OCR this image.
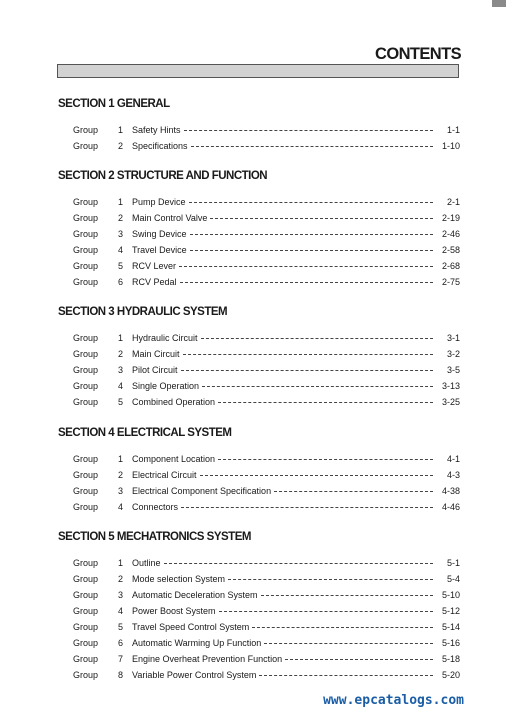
CONTENTS
SECTION 1 GENERAL
Group	1 Safety Hints	1-1
Group	2 Specifications	1-10
SECTION 2 STRUCTURE AND FUNCTION
Group	1 Pump Device	2-1
Group	2 Main Control Valve	2-19
Group	3 Swing Device	2-46
Group	4 Travel Device	2-58
Group	5 RCV Lever	2-68
Group	6 RCV Pedal	2-75
SECTION 3 HYDRAULIC SYSTEM
Group	1 Hydraulic Circuit	3-1
Group	2 Main Circuit	3-2
Group	3 Pilot Circuit	3-5
Group	4 Single Operation	3-13
Group	5 Combined Operation	3-25
SECTION 4 ELECTRICAL SYSTEM
Group	1 Component Location	4-1
Group	2 Electrical Circuit	4-3
Group	3 Electrical Component Specification	4-38
Group	4 Connectors	4-46
SECTION 5 MECHATRONICS SYSTEM
Group	1 Outline	5-1
Group	2 Mode selection System	5-4
Group	3 Automatic Deceleration System	5-10
Group	4 Power Boost System	5-12
Group	5 Travel Speed Control System	5-14
Group	6 Automatic Warming Up Function	5-16
Group	7 Engine Overheat Prevention Function	5-18
Group	8 Variable Power Control System	5-20
www.epcatalogs.com
